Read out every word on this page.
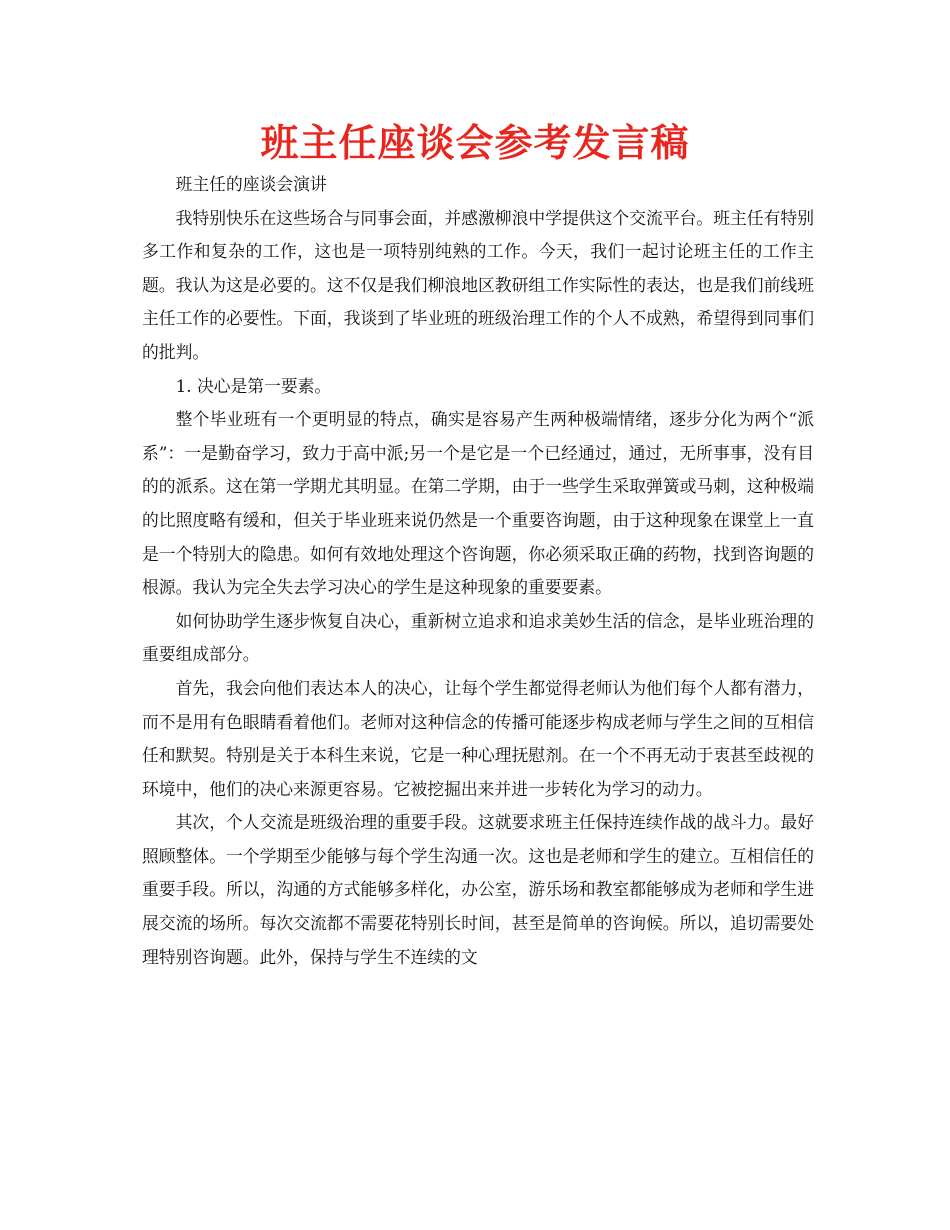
班主任座谈会参考发言稿

班主任的座谈会演讲

我特别快乐在这些场合与同事会面，并感激柳浪中学提供这个交流平台。班主任有特别多工作和复杂的工作，这也是一项特别纯熟的工作。今天，我们一起讨论班主任的工作主题。我认为这是必要的。这不仅是我们柳浪地区教研组工作实际性的表达，也是我们前线班主任工作的必要性。下面，我谈到了毕业班的班级治理工作的个人不成熟，希望得到同事们的批判。

1. 决心是第一要素。

整个毕业班有一个更明显的特点，确实是容易产生两种极端情绪，逐步分化为两个“派系”：一是勤奋学习，致力于高中派;另一个是它是一个已经通过，通过，无所事事，没有目的的派系。这在第一学期尤其明显。在第二学期，由于一些学生采取弹簧或马刺，这种极端的比照度略有缓和，但关于毕业班来说仍然是一个重要咨询题，由于这种现象在课堂上一直是一个特别大的隐患。如何有效地处理这个咨询题，你必须采取正确的药物，找到咨询题的根源。我认为完全失去学习决心的学生是这种现象的重要要素。

如何协助学生逐步恢复自决心，重新树立追求和追求美妙生活的信念，是毕业班治理的重要组成部分。

首先，我会向他们表达本人的决心，让每个学生都觉得老师认为他们每个人都有潜力，而不是用有色眼睛看着他们。老师对这种信念的传播可能逐步构成老师与学生之间的互相信任和默契。特别是关于本科生来说，它是一种心理抚慰剂。在一个不再无动于衷甚至歧视的环境中，他们的决心来源更容易。它被挖掘出来并进一步转化为学习的动力。

其次，个人交流是班级治理的重要手段。这就要求班主任保持连续作战的战斗力。最好照顾整体。一个学期至少能够与每个学生沟通一次。这也是老师和学生的建立。互相信任的重要手段。所以，沟通的方式能够多样化，办公室，游乐场和教室都能够成为老师和学生进展交流的场所。每次交流都不需要花特别长时间，甚至是简单的咨询候。所以，追切需要处理特别咨询题。此外，保持与学生不连续的文
